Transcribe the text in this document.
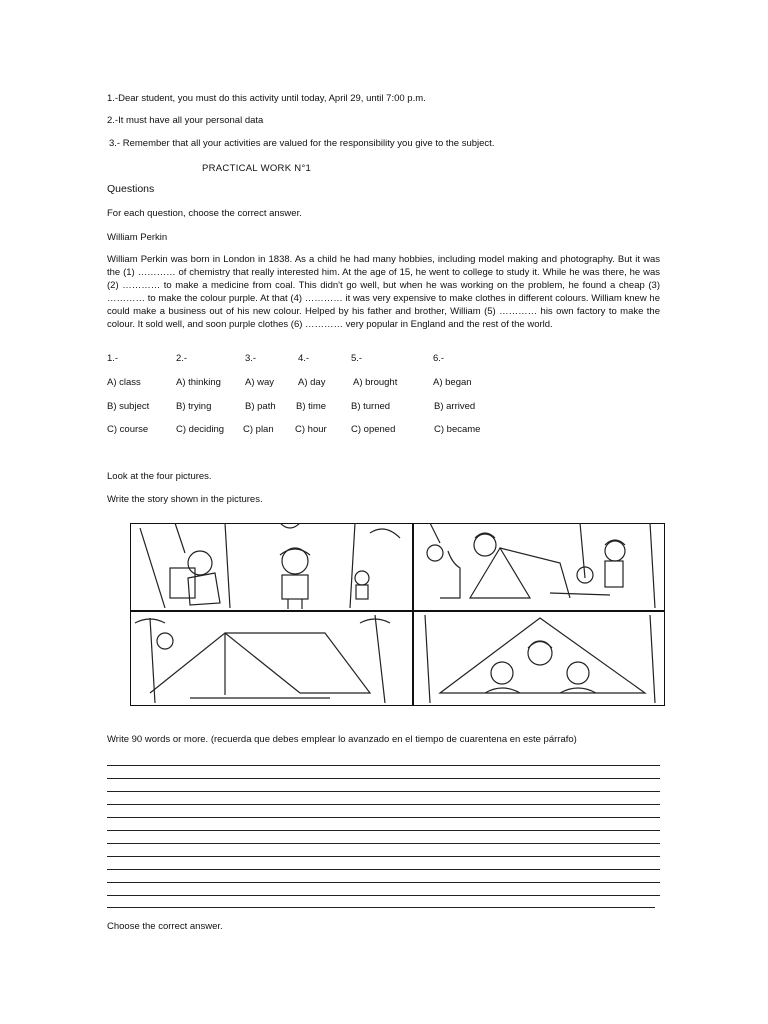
1.-Dear student, you must do this activity until today, April 29, until 7:00 p.m.
2.-It must have all your personal data
3.- Remember that all your activities are valued for the responsibility you give to the subject.
PRACTICAL WORK N°1
Questions
For each question, choose the correct answer.
William Perkin
William Perkin was born in London in 1838. As a child he had many hobbies, including model making and photography. But it was the (1) ………… of chemistry that really interested him. At the age of 15, he went to college to study it. While he was there, he was (2) ………… to make a medicine from coal. This didn't go well, but when he was working on the problem, he found a cheap (3) ………… to make the colour purple. At that (4) ………… it was very expensive to make clothes in different colours. William knew he could make a business out of his new colour. Helped by his father and brother, William (5) ………… his own factory to make the colour. It sold well, and soon purple clothes (6) ………… very popular in England and the rest of the world.
1.-	2.-	3.-	4.-	5.-	6.-
A) class	A) thinking	A) way	A) day	A) brought	A) began
B) subject	B) trying	B) path B) time	B) turned	B) arrived
C) course	C) deciding C) plan C) hour	C) opened	C) became
Look at the four pictures.
Write the story shown in the pictures.
Write 90 words or more. (recuerda que debes emplear lo avanzado en el tiempo de cuarentena en este párrafo)
Choose the correct answer.
